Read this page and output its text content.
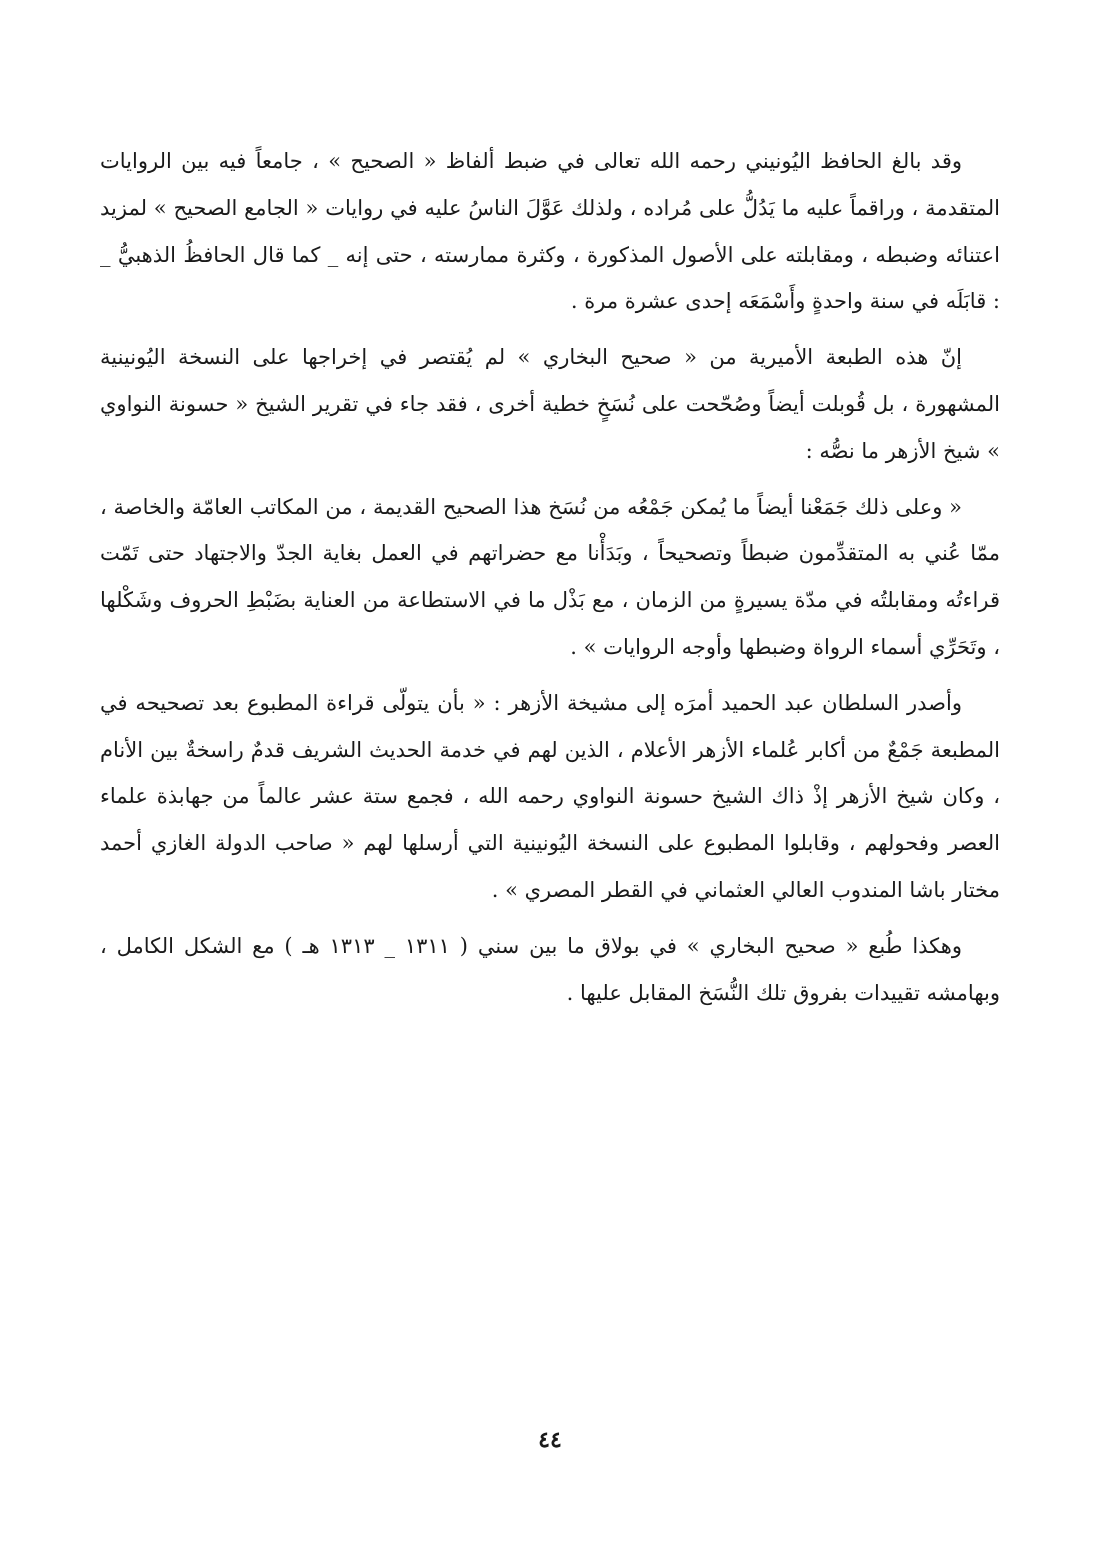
وقد بالغ الحافظ اليُونيني رحمه الله تعالى في ضبط ألفاظ « الصحيح » ، جامعاً فيه بين الروايات المتقدمة ، وراقماً عليه ما يَدُلُّ على مُراده ، ولذلك عَوَّلَ الناسُ عليه في روايات « الجامع الصحيح » لمزيد اعتنائه وضبطه ، ومقابلته على الأصول المذكورة ، وكثرة ممارسته ، حتى إنه _ كما قال الحافظُ الذهبيُّ _ : قابَلَه في سنة واحدةٍ وأَسْمَعَه إحدى عشرة مرة .

إنّ هذه الطبعة الأميرية من « صحيح البخاري » لم يُقتصر في إخراجها على النسخة اليُونينية المشهورة ، بل قُوبلت أيضاً وصُحّحت على نُسَخٍ خطية أخرى ، فقد جاء في تقرير الشيخ « حسونة النواوي » شيخ الأزهر ما نصُّه :

« وعلى ذلك جَمَعْنا أيضاً ما يُمكن جَمْعُه من نُسَخ هذا الصحيح القديمة ، من المكاتب العامّة والخاصة ، ممّا عُني به المتقدِّمون ضبطاً وتصحيحاً ، وبَدَأْنا مع حضراتهم في العمل بغاية الجدّ والاجتهاد حتى تَمّت قراءتُه ومقابلتُه في مدّة يسيرةٍ من الزمان ، مع بَذْل ما في الاستطاعة من العناية بضَبْطِ الحروف وشَكْلها ، وتَحَرِّي أسماء الرواة وضبطها وأوجه الروايات » .

وأصدر السلطان عبد الحميد أمرَه إلى مشيخة الأزهر : « بأن يتولّى قراءة المطبوع بعد تصحيحه في المطبعة جَمْعٌ من أكابر عُلماء الأزهر الأعلام ، الذين لهم في خدمة الحديث الشريف قدمٌ راسخةٌ بين الأنام ، وكان شيخ الأزهر إذْ ذاك الشيخ حسونة النواوي رحمه الله ، فجمع ستة عشر عالماً من جهابذة علماء العصر وفحولهم ، وقابلوا المطبوع على النسخة اليُونينية التي أرسلها لهم « صاحب الدولة الغازي أحمد مختار باشا المندوب العالي العثماني في القطر المصري » .

وهكذا طُبع « صحيح البخاري » في بولاق ما بين سني ( ١٣١١ _ ١٣١٣ هـ ) مع الشكل الكامل ، وبهامشه تقييدات بفروق تلك النُّسَخ المقابل عليها .

٤٤
